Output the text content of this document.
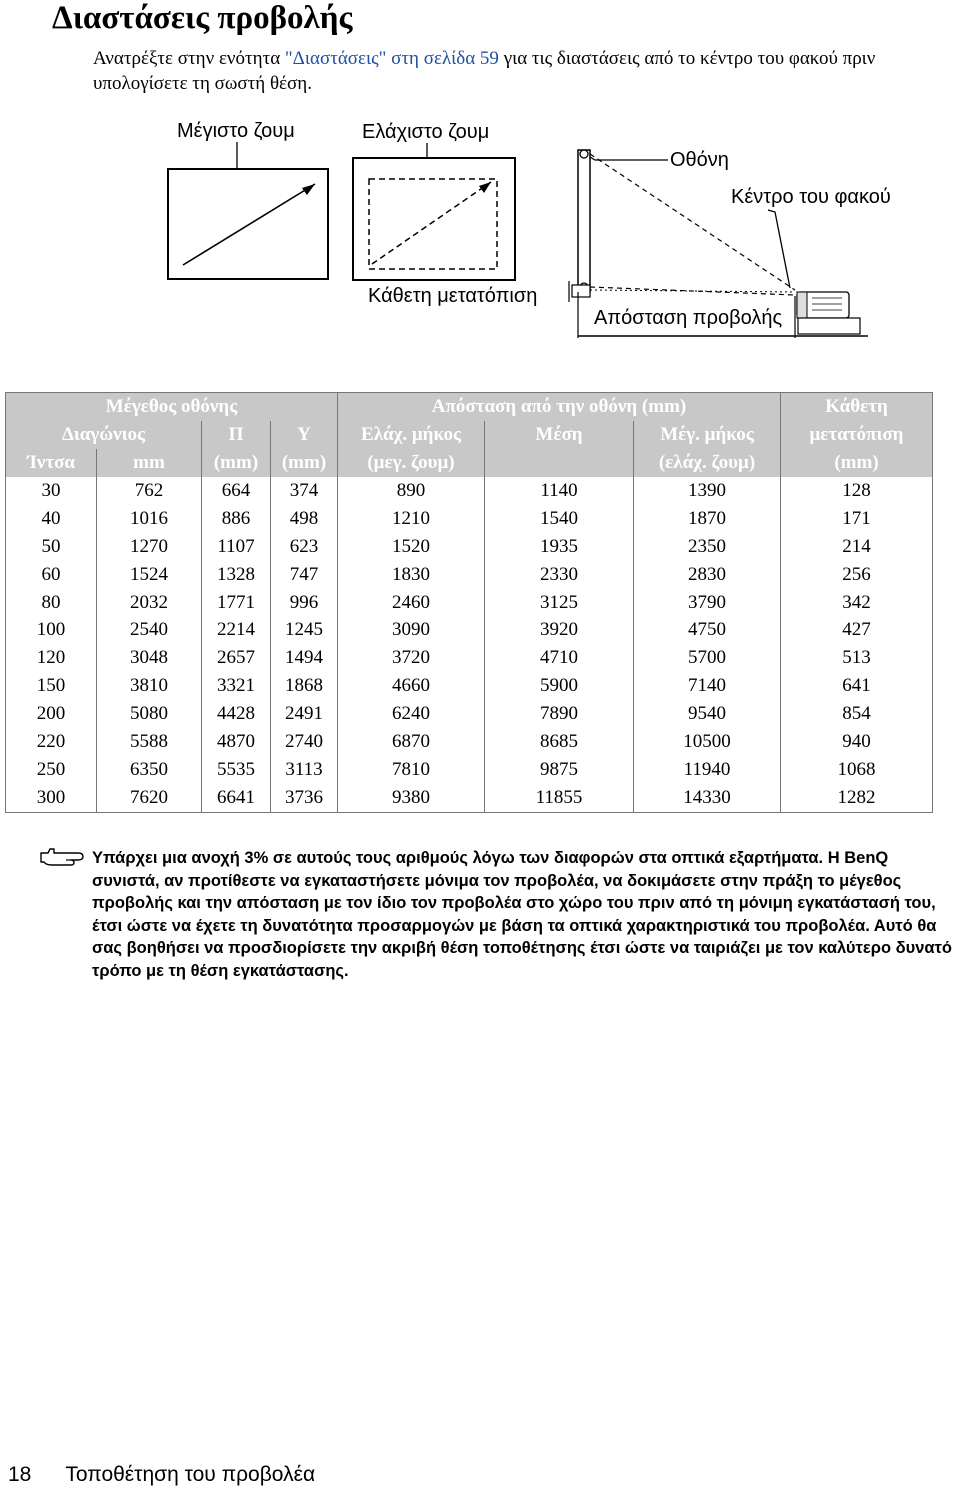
Διαστάσεις προβολής
Ανατρέξτε στην ενότητα "Διαστάσεις" στη σελίδα 59 για τις διαστάσεις από το κέντρο του φακού πριν υπολογίσετε τη σωστή θέση.
Μέγιστο ζουμ	Ελάχιστο ζουμ
Οθόνη
Κέντρο του φακού
Κάθετη μετατόπιση
Απόσταση προβολής
Μέγεθος οθόνης				Απόσταση από την οθόνη (mm)			Κάθετη
Διαγώνιος		Π	Υ	Ελάχ. μήκος	Μέση	Μέγ. μήκος	μετατόπιση
Ίντσα	mm	(mm)	(mm)	(μεγ. ζουμ)		(ελάχ. ζουμ)	(mm)
30	762	664	374	890	1140	1390	128
40	1016	886	498	1210	1540	1870	171
50	1270	1107	623	1520	1935	2350	214
60	1524	1328	747	1830	2330	2830	256
80	2032	1771	996	2460	3125	3790	342
100	2540	2214	1245	3090	3920	4750	427
120	3048	2657	1494	3720	4710	5700	513
150	3810	3321	1868	4660	5900	7140	641
200	5080	4428	2491	6240	7890	9540	854
220	5588	4870	2740	6870	8685	10500	940
250	6350	5535	3113	7810	9875	11940	1068
300	7620	6641	3736	9380	11855	14330	1282
Υπάρχει μια ανοχή 3% σε αυτούς τους αριθμούς λόγω των διαφορών στα οπτικά εξαρτήματα. Η BenQ συνιστά, αν προτίθεστε να εγκαταστήσετε μόνιμα τον προβολέα, να δοκιμάσετε στην πράξη το μέγεθος προβολής και την απόσταση με τον ίδιο τον προβολέα στο χώρο του πριν από τη μόνιμη εγκατάστασή του, έτσι ώστε να έχετε τη δυνατότητα προσαρμογών με βάση τα οπτικά χαρακτηριστικά του προβολέα. Αυτό θα σας βοηθήσει να προσδιορίσετε την ακριβή θέση τοποθέτησης έτσι ώστε να ταιριάζει με τον καλύτερο δυνατό τρόπο με τη θέση εγκατάστασης.
18 Τοποθέτηση του προβολέα
